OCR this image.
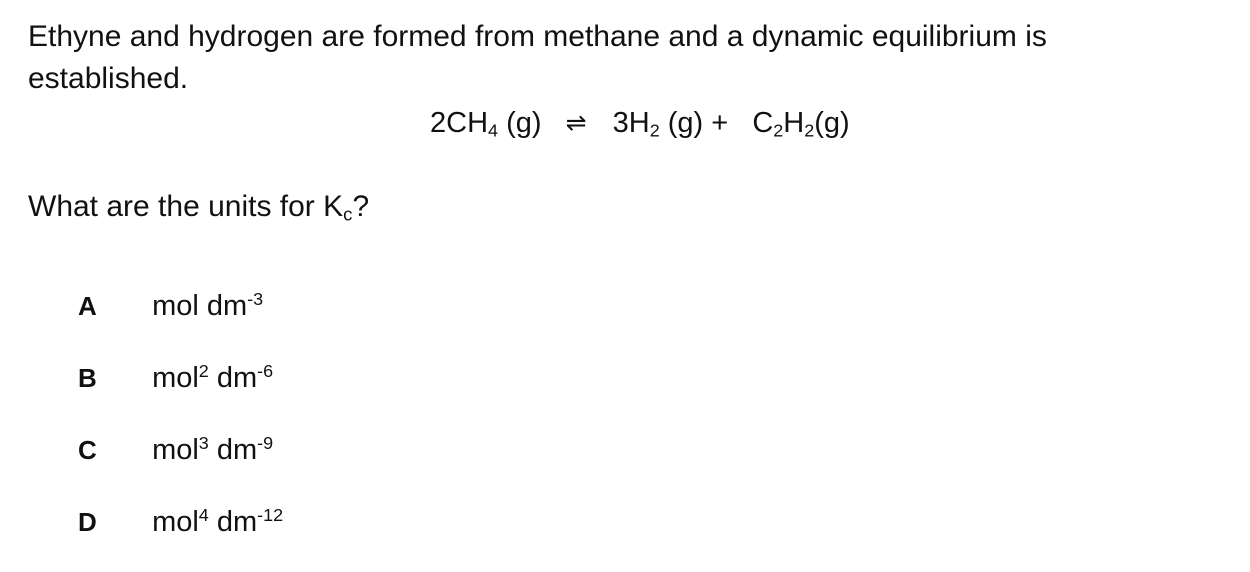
Ethyne and hydrogen are formed from methane and a dynamic equilibrium is established.
$2CH_4$ (g) ⇌ $3H_2$ $(g) + C_2H_2(g)$
What are the units for $K_c$?
A mol $dm^{-3}$
B mol$^2$ $dm^{-6}$
C mol$^3$ $dm^{-9}$
D mol$^4$ $dm^{-12}$
